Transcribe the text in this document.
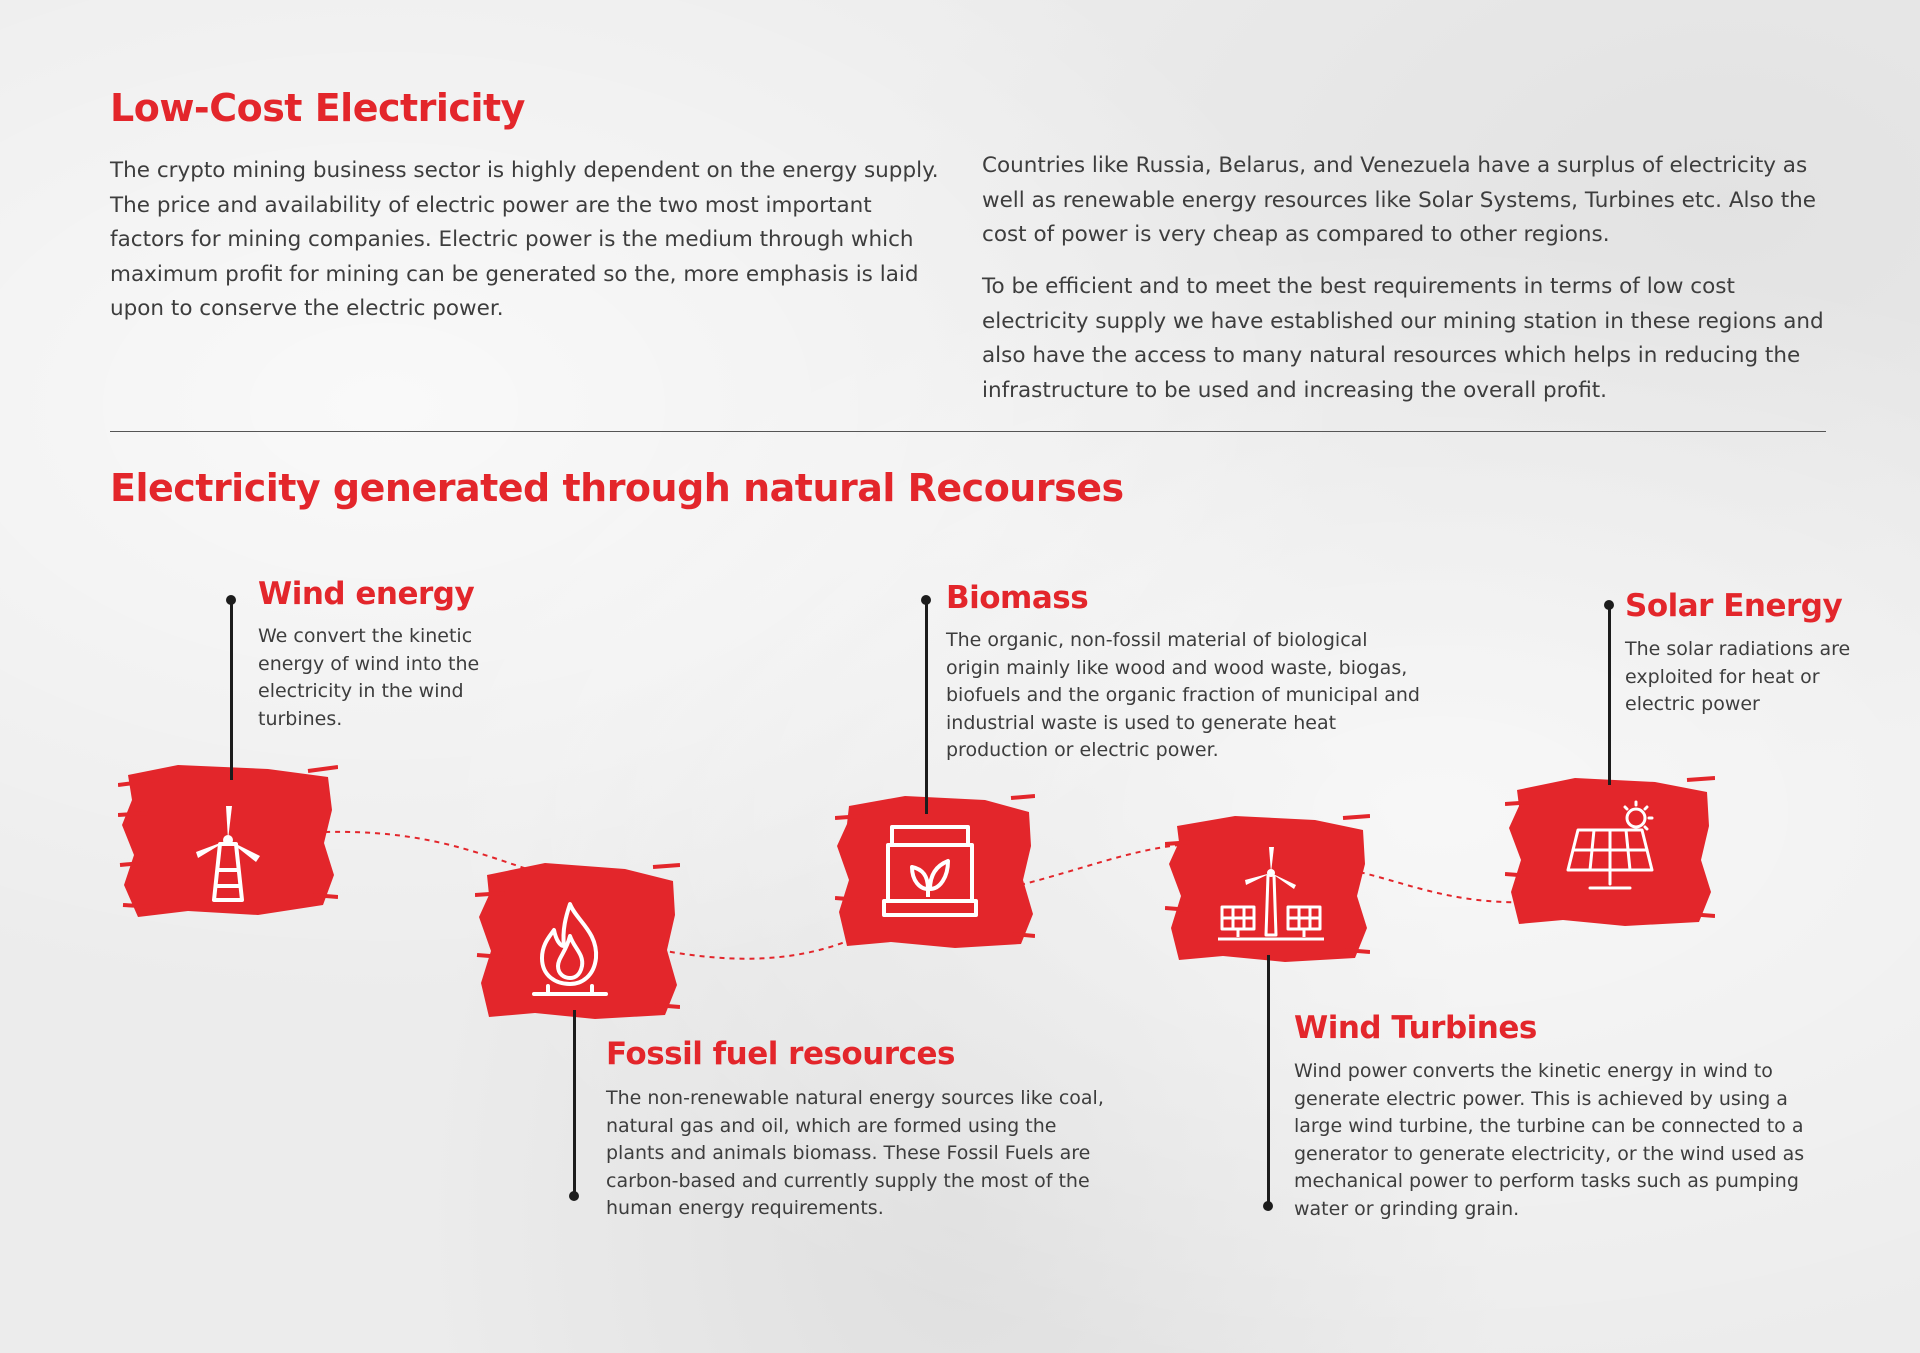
Low-Cost Electricity

The crypto mining business sector is highly dependent on the energy supply. The price and availability of electric power are the two most important factors for mining companies. Electric power is the medium through which maximum profit for mining can be generated so the, more emphasis is laid upon to conserve the electric power.

Countries like Russia, Belarus, and Venezuela have a surplus of electricity as well as renewable energy resources like Solar Systems, Turbines etc. Also the cost of power is very cheap as compared to other regions.

To be efficient and to meet the best requirements in terms of low cost electricity supply we have established our mining station in these regions and also have the access to many natural resources which helps in reducing the infrastructure to be used and increasing the overall profit.

Electricity generated through natural Recourses
Wind energy

We convert the kinetic energy of wind into the electricity in the wind turbines.

Fossil fuel resources

The non-renewable natural energy sources like coal, natural gas and oil, which are formed using the plants and animals biomass. These Fossil Fuels are carbon-based and currently supply the most of the human energy requirements.

Biomass

The organic, non-fossil material of biological origin mainly like wood and wood waste, biogas, biofuels and the organic fraction of municipal and industrial waste is used to generate heat production or electric power.

Wind Turbines

Wind power converts the kinetic energy in wind to generate electric power. This is achieved by using a large wind turbine, the turbine can be connected to a generator to generate electricity, or the wind used as mechanical power to perform tasks such as pumping water or grinding grain.

Solar Energy

The solar radiations are exploited for heat or electric power
